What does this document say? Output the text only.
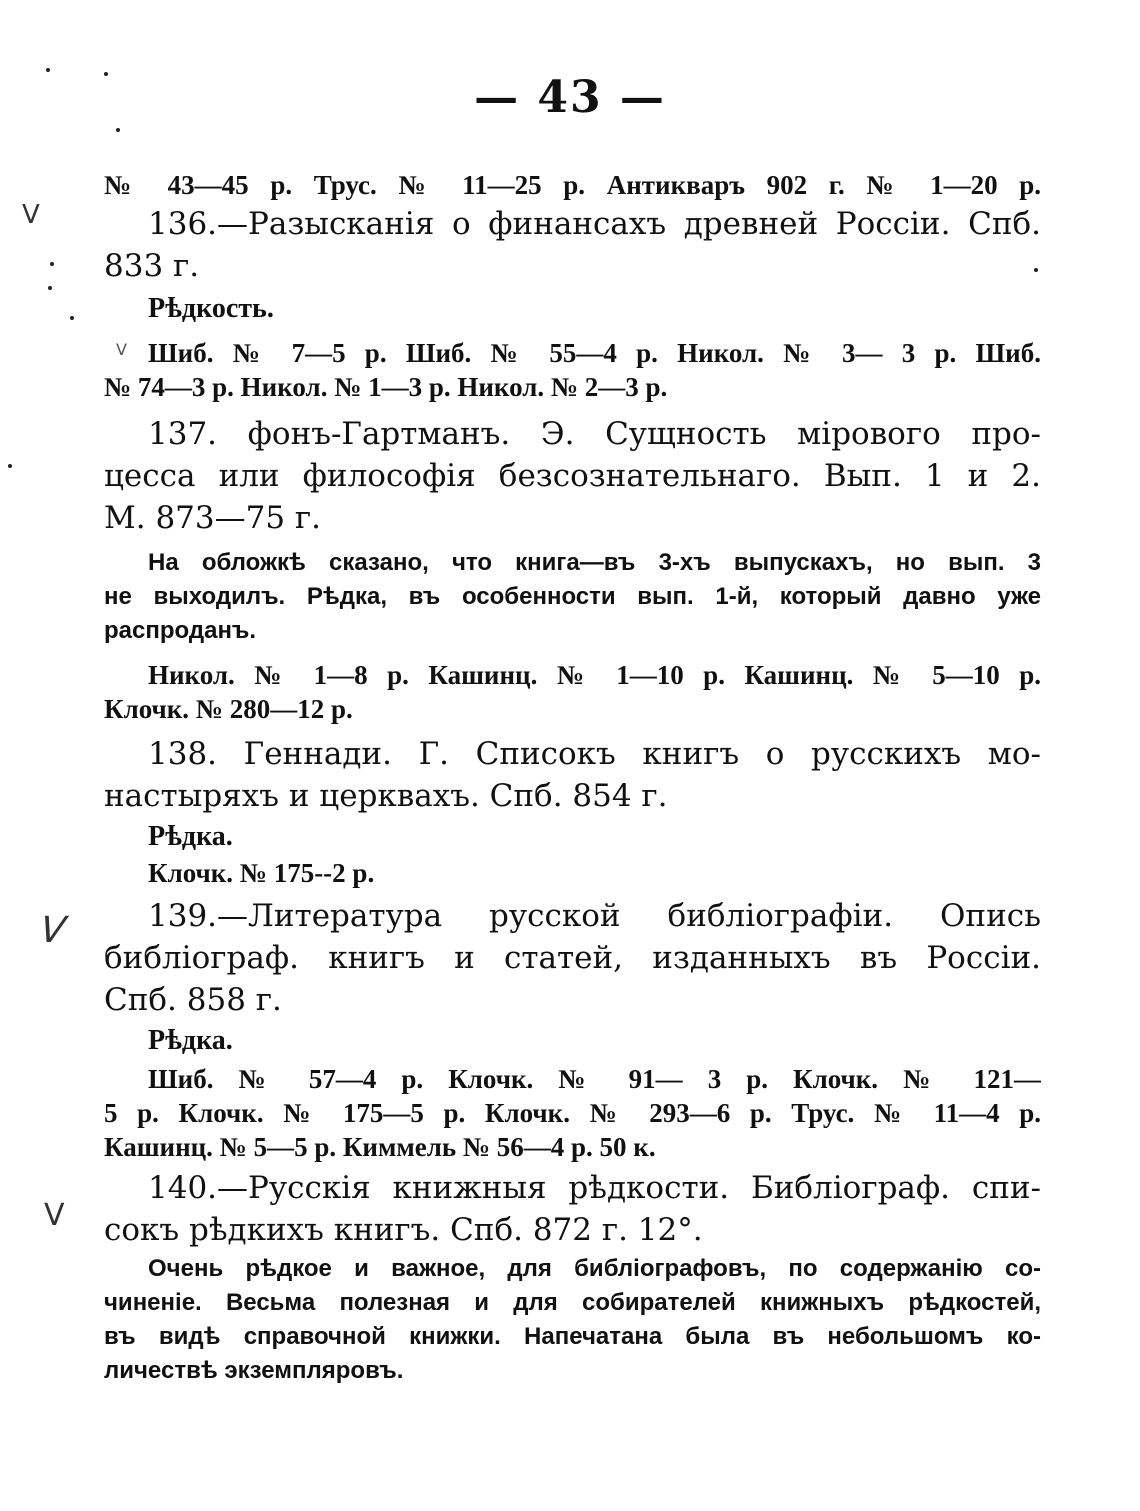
— 43 —
№ 43—45 р. Трус. № 11—25 р. Антикваръ 902 г. № 1—20 р.
136.—Разысканія о финансахъ древней Россіи. Спб.
833 г.
Рѣдкость.
Шиб. № 7—5 р. Шиб. № 55—4 р. Никол. № 3— 3 р. Шиб.
№ 74—3 р. Никол. № 1—3 р. Никол. № 2—3 р.
137. фонъ-Гартманъ. Э. Сущность мірового про-
цесса или философія безсознательнаго. Вып. 1 и 2.
М. 873—75 г.
На обложкѣ сказано, что книга—въ 3-хъ выпускахъ, но вып. 3
не выходилъ. Рѣдка, въ особенности вып. 1-й, который давно уже
распроданъ.
Никол. № 1—8 р. Кашинц. № 1—10 р. Кашинц. № 5—10 р.
Клочк. № 280—12 р.
138. Геннади. Г. Списокъ книгъ о русскихъ мо-
настыряхъ и церквахъ. Спб. 854 г.
Рѣдка.
Клочк. № 175--2 р.
139.—Литература русской библіографіи. Опись
библіограф. книгъ и статей, изданныхъ въ Россіи.
Спб. 858 г.
Рѣдка.
Шиб. № 57—4 р. Клочк. № 91— 3 р. Клочк. № 121—
5 р. Клочк. № 175—5 р. Клочк. № 293—6 р. Трус. № 11—4 р.
Кашинц. № 5—5 р. Киммель № 56—4 р. 50 к.
140.—Русскія книжныя рѣдкости. Библіограф. спи-
сокъ рѣдкихъ книгъ. Спб. 872 г. 12°.
Очень рѣдкое и важное, для библіографовъ, по содержанію со-
чиненіе. Весьма полезная и для собирателей книжныхъ рѣдкостей,
въ видѣ справочной книжки. Напечатана была въ небольшомъ ко-
личествѣ экземпляровъ.
V
V
V
V
